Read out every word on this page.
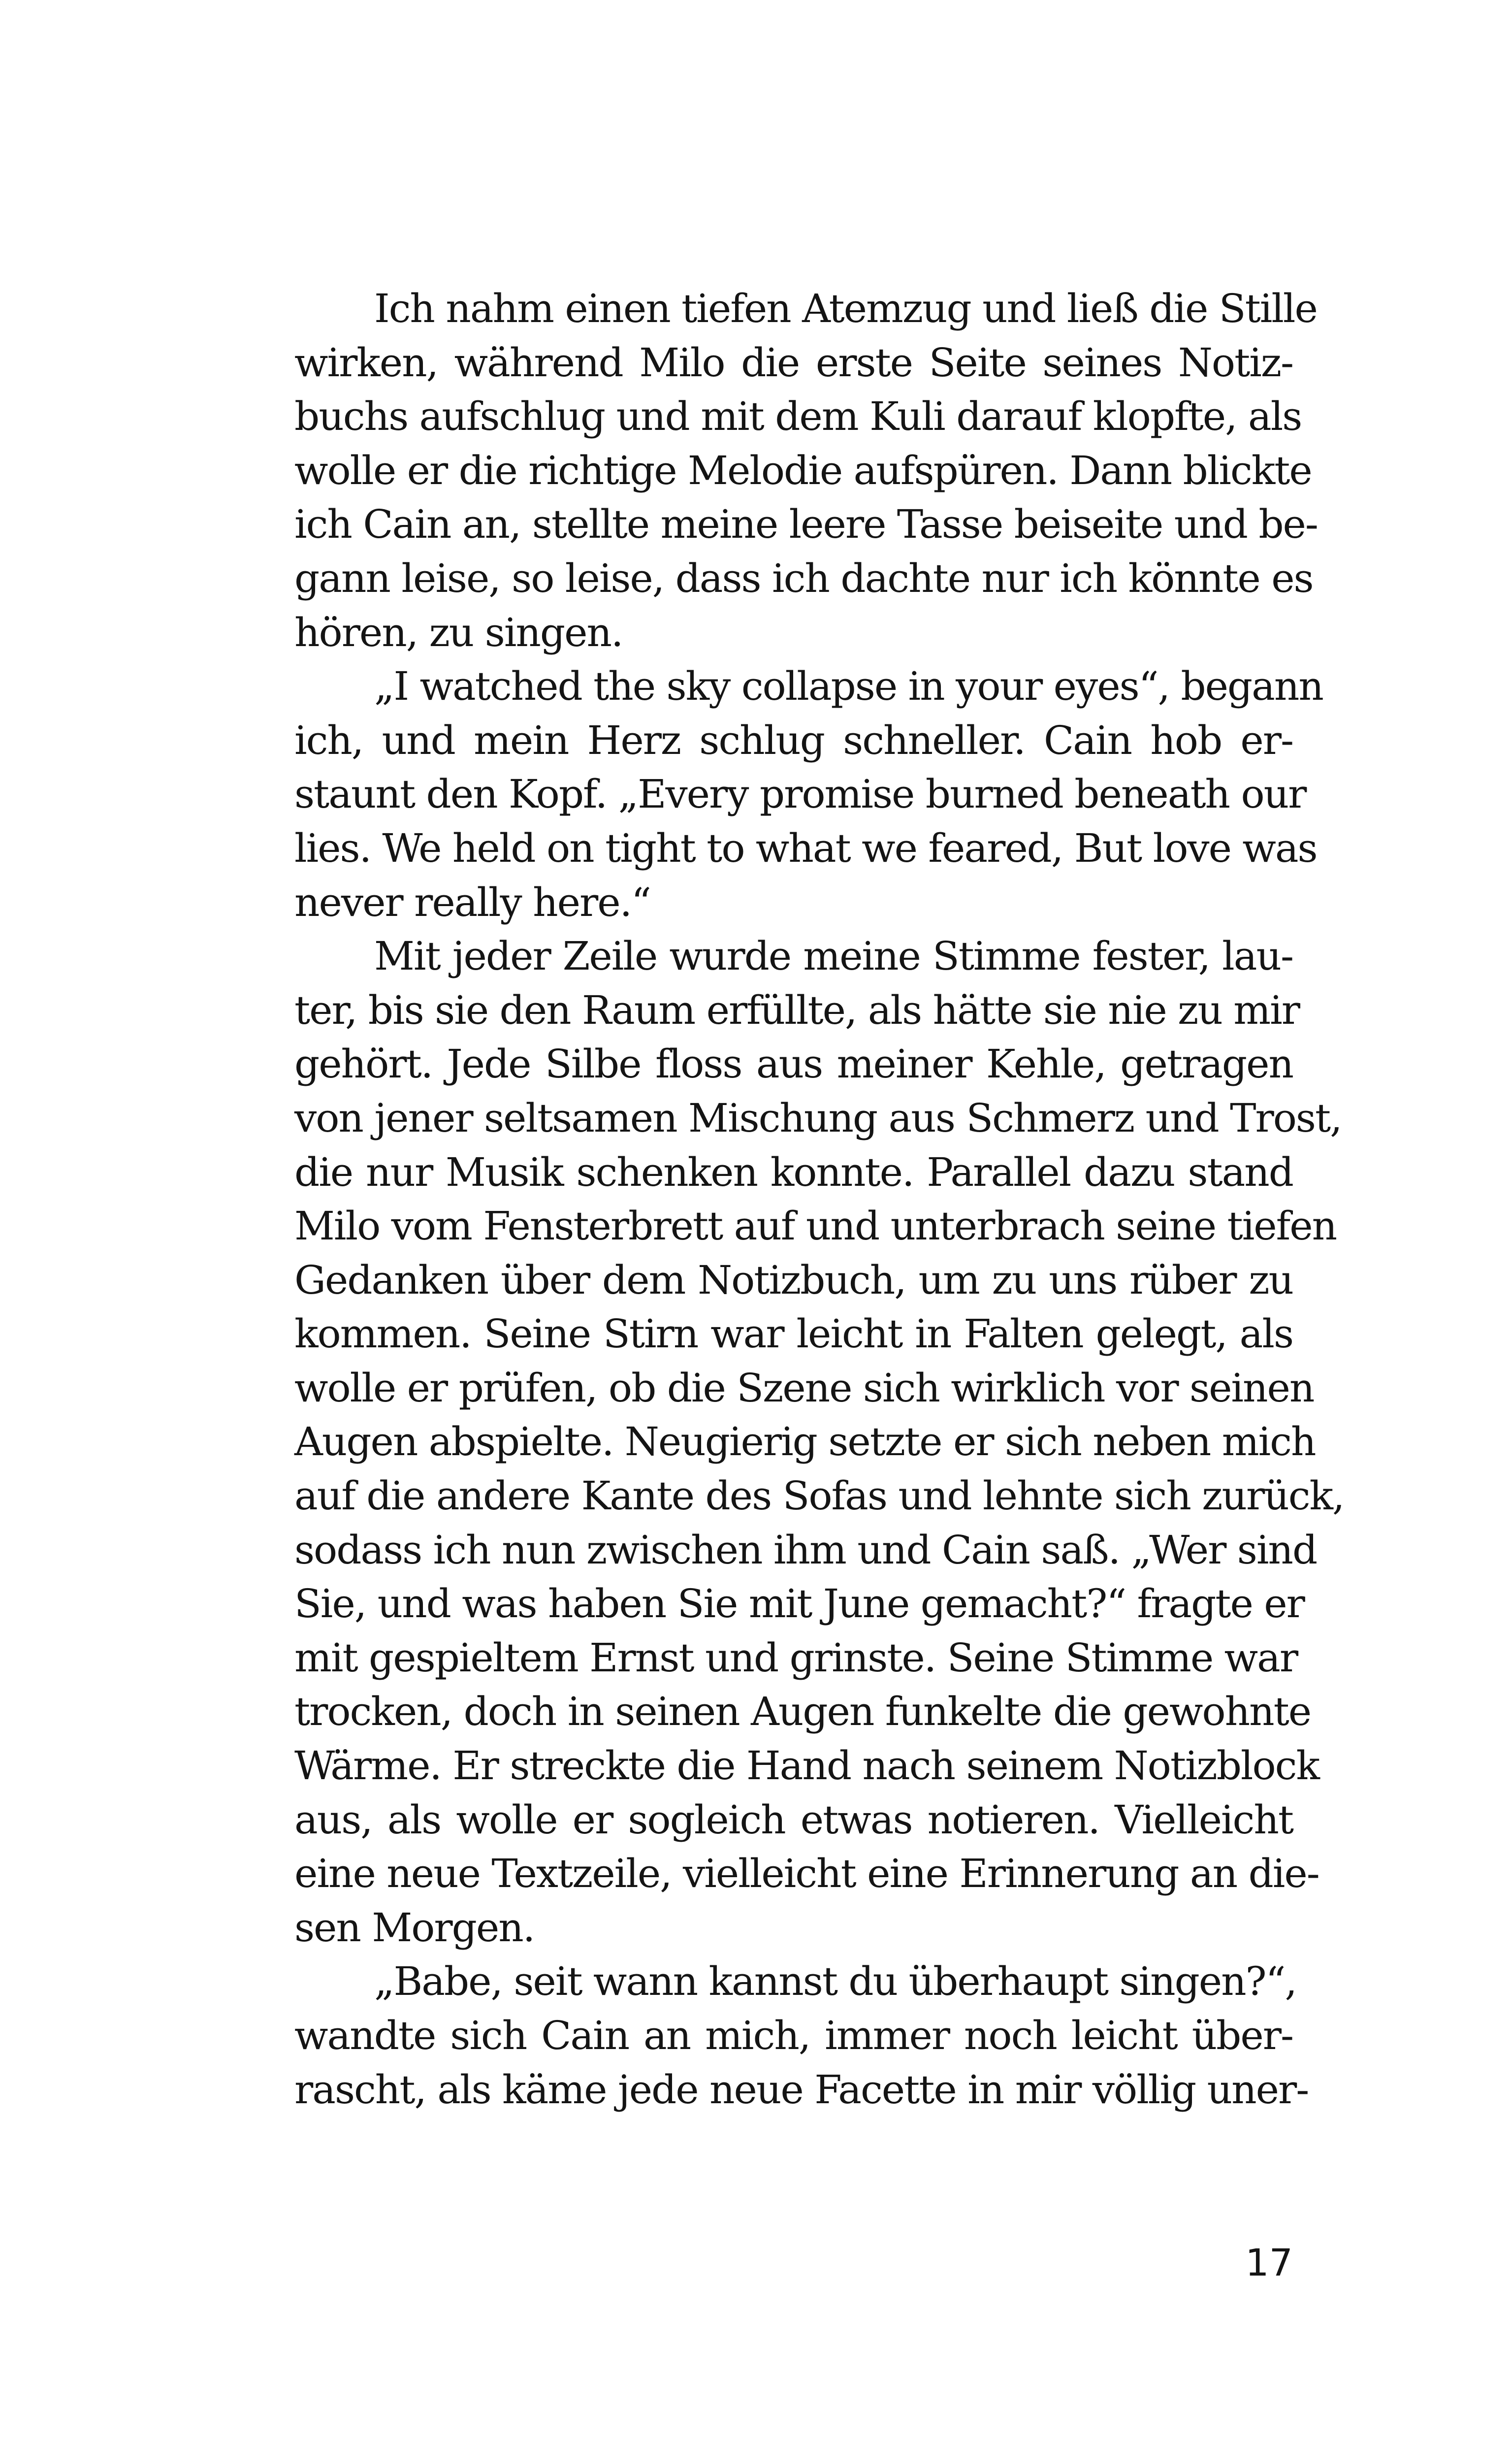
Ich nahm einen tiefen Atemzug und ließ die Stille
wirken, während Milo die erste Seite seines Notiz-
buchs aufschlug und mit dem Kuli darauf klopfte, als
wolle er die richtige Melodie aufspüren. Dann blickte
ich Cain an, stellte meine leere Tasse beiseite und be-
gann leise, so leise, dass ich dachte nur ich könnte es
hören, zu singen.
„I watched the sky collapse in your eyes“, begann
ich, und mein Herz schlug schneller. Cain hob er-
staunt den Kopf. „Every promise burned beneath our
lies. We held on tight to what we feared, But love was
never really here.“
Mit jeder Zeile wurde meine Stimme fester, lau-
ter, bis sie den Raum erfüllte, als hätte sie nie zu mir
gehört. Jede Silbe floss aus meiner Kehle, getragen
von jener seltsamen Mischung aus Schmerz und Trost,
die nur Musik schenken konnte. Parallel dazu stand
Milo vom Fensterbrett auf und unterbrach seine tiefen
Gedanken über dem Notizbuch, um zu uns rüber zu
kommen. Seine Stirn war leicht in Falten gelegt, als
wolle er prüfen, ob die Szene sich wirklich vor seinen
Augen abspielte. Neugierig setzte er sich neben mich
auf die andere Kante des Sofas und lehnte sich zurück,
sodass ich nun zwischen ihm und Cain saß. „Wer sind
Sie, und was haben Sie mit June gemacht?“ fragte er
mit gespieltem Ernst und grinste. Seine Stimme war
trocken, doch in seinen Augen funkelte die gewohnte
Wärme. Er streckte die Hand nach seinem Notizblock
aus, als wolle er sogleich etwas notieren. Vielleicht
eine neue Textzeile, vielleicht eine Erinnerung an die-
sen Morgen.
„Babe, seit wann kannst du überhaupt singen?“,
wandte sich Cain an mich, immer noch leicht über-
rascht, als käme jede neue Facette in mir völlig uner-
17
